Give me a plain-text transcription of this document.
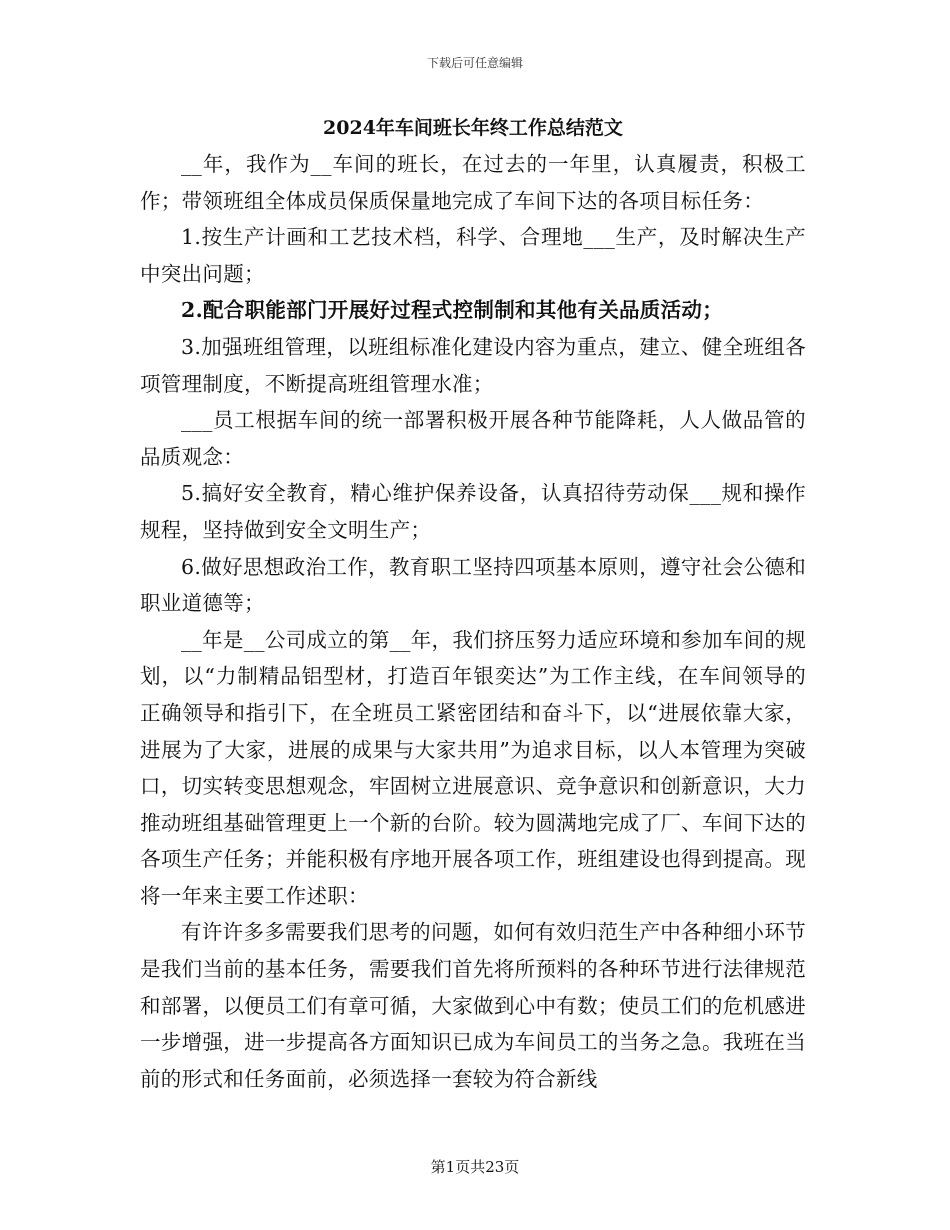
下载后可任意编辑
2024年车间班长年终工作总结范文

__年，我作为__车间的班长，在过去的一年里，认真履责，积极工作；带领班组全体成员保质保量地完成了车间下达的各项目标任务：

1.按生产计画和工艺技术档，科学、合理地___生产，及时解决生产中突出问题；

2.配合职能部门开展好过程式控制制和其他有关品质活动；

3.加强班组管理，以班组标准化建设内容为重点，建立、健全班组各项管理制度，不断提高班组管理水准；

___员工根据车间的统一部署积极开展各种节能降耗，人人做品管的品质观念：

5.搞好安全教育，精心维护保养设备，认真招待劳动保___规和操作规程，坚持做到安全文明生产；

6.做好思想政治工作，教育职工坚持四项基本原则，遵守社会公德和职业道德等；

__年是__公司成立的第__年，我们挤压努力适应环境和参加车间的规划，以“力制精品铝型材，打造百年银奕达”为工作主线，在车间领导的正确领导和指引下，在全班员工紧密团结和奋斗下，以“进展依靠大家，进展为了大家，进展的成果与大家共用”为追求目标，以人本管理为突破口，切实转变思想观念，牢固树立进展意识、竞争意识和创新意识，大力推动班组基础管理更上一个新的台阶。较为圆满地完成了厂、车间下达的各项生产任务；并能积极有序地开展各项工作，班组建设也得到提高。现将一年来主要工作述职：

有许许多多需要我们思考的问题，如何有效归范生产中各种细小环节是我们当前的基本任务，需要我们首先将所预料的各种环节进行法律规范和部署，以便员工们有章可循，大家做到心中有数；使员工们的危机感进一步增强，进一步提高各方面知识已成为车间员工的当务之急。我班在当前的形式和任务面前，必须选择一套较为符合新线

第1页共23页
